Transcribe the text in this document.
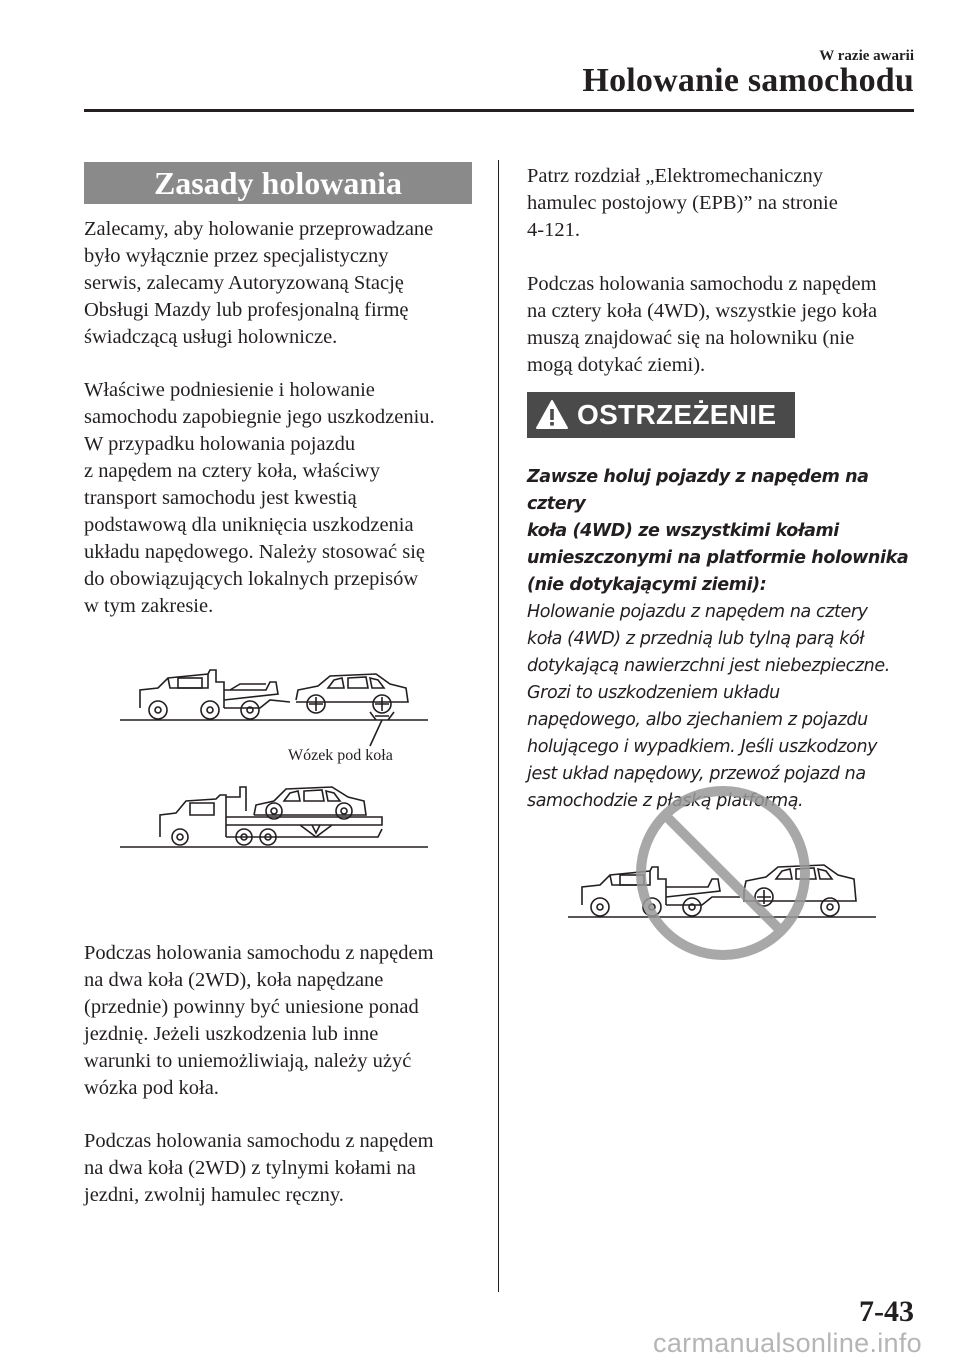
W razie awarii
Holowanie samochodu
Zasady holowania

Zalecamy, aby holowanie przeprowadzane
było wyłącznie przez specjalistyczny
serwis, zalecamy Autoryzowaną Stację
Obsługi Mazdy lub profesjonalną firmę
świadczącą usługi holownicze.

Właściwe podniesienie i holowanie
samochodu zapobiegnie jego uszkodzeniu.
W przypadku holowania pojazdu
z napędem na cztery koła, właściwy
transport samochodu jest kwestią
podstawową dla uniknięcia uszkodzenia
układu napędowego. Należy stosować się
do obowiązujących lokalnych przepisów
w tym zakresie.

Wózek pod koła

Podczas holowania samochodu z napędem
na dwa koła (2WD), koła napędzane
(przednie) powinny być uniesione ponad
jezdnię. Jeżeli uszkodzenia lub inne
warunki to uniemożliwiają, należy użyć
wózka pod koła.

Podczas holowania samochodu z napędem
na dwa koła (2WD) z tylnymi kołami na
jezdni, zwolnij hamulec ręczny.

Patrz rozdział „Elektromechaniczny
hamulec postojowy (EPB)” na stronie
4-121.

Podczas holowania samochodu z napędem
na cztery koła (4WD), wszystkie jego koła
muszą znajdować się na holowniku (nie
mogą dotykać ziemi).

OSTRZEŻENIE
Zawsze holuj pojazdy z napędem na cztery
koła (4WD) ze wszystkimi kołami
umieszczonymi na platformie holownika
(nie dotykającymi ziemi):
Holowanie pojazdu z napędem na cztery
koła (4WD) z przednią lub tylną parą kół
dotykającą nawierzchni jest niebezpieczne.
Grozi to uszkodzeniem układu
napędowego, albo zjechaniem z pojazdu
holującego i wypadkiem. Jeśli uszkodzony
jest układ napędowy, przewoź pojazd na
samochodzie z płaską platformą.
7-43
carmanualsonline.info
